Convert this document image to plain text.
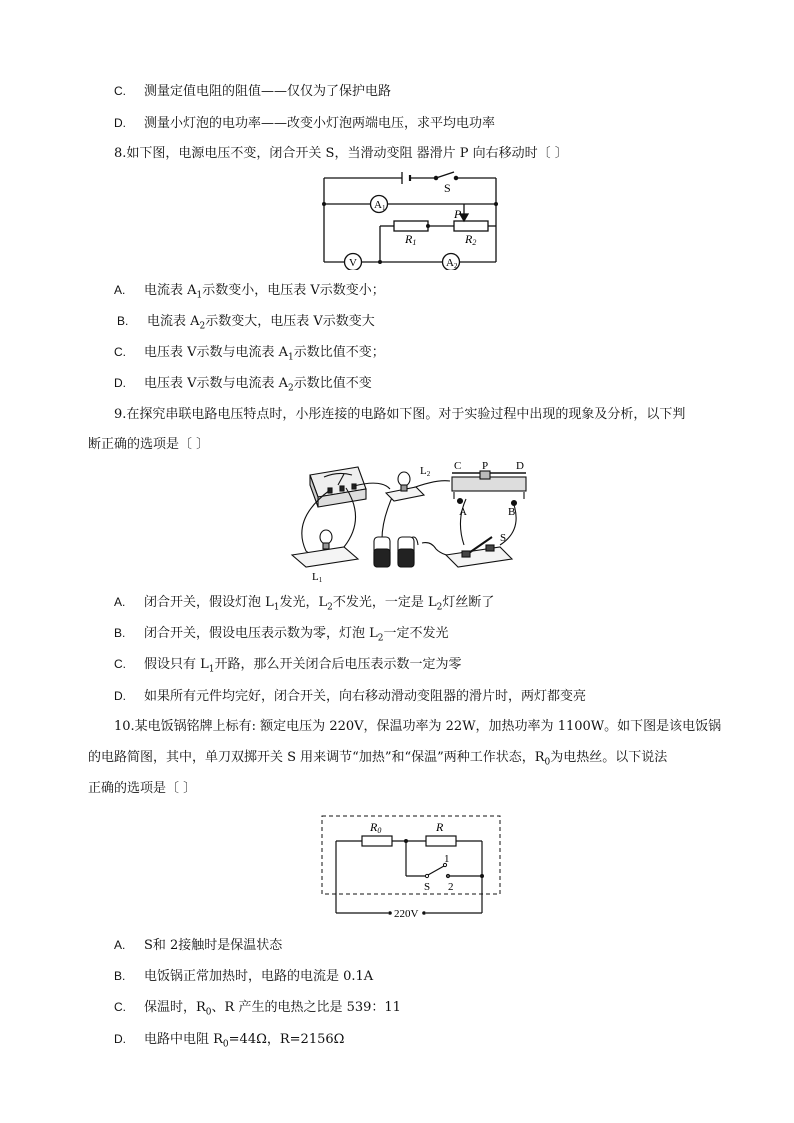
C. 测量定值电阻的阻值——仅仅为了保护电路
D. 测量小灯泡的电功率——改变小灯泡两端电压，求平均电功率
8.如下图，电源电压不变，闭合开关 S，当滑动变阻 器滑片 P 向右移动时〔 〕
S
A1	P
R1	R2
V	A2
A. 电流表 $A_1$示数变小，电压表 V示数变小；
B. 电流表 $A_2$示数变大，电压表 V示数变大
C. 电压表 V示数与电流表 $A_1$示数比值不变；
D. 电压表 V示数与电流表 $A_2$示数比值不变
9.在探究串联电路电压特点时，小彤连接的电路如下图。对于实验过程中出现的现象及分析，以下判
断正确的选项是〔 〕
L2
C P	D
A	B
S
L1
A. 闭合开关，假设灯泡 $L_1$发光，$L_2$不发光，一定是 $L_2$灯丝断了
B. 闭合开关，假设电压表示数为零，灯泡 $L_2$一定不发光
C. 假设只有 $L_1$开路，那么开关闭合后电压表示数一定为零
D. 如果所有元件均完好，闭合开关，向右移动滑动变阻器的滑片时，两灯都变亮
10.某电饭锅铭牌上标有: 额定电压为 220V，保温功率为 22W，加热功率为 1100W。如下图是该电饭锅
的电路简图，其中，单刀双掷开关 S 用来调节“加热”和“保温”两种工作状态，$R_0$为电热丝。以下说法
正确的选项是〔 〕
R0	R
1
2
S
220V
A. S和 2接触时是保温状态
B. 电饭锅正常加热时，电路的电流是 0.1A
C. 保温时，$R_0$、R 产生的电热之比是 539：11
D. 电路中电阻 $R_0=44\Omega$，R=2156Ω
